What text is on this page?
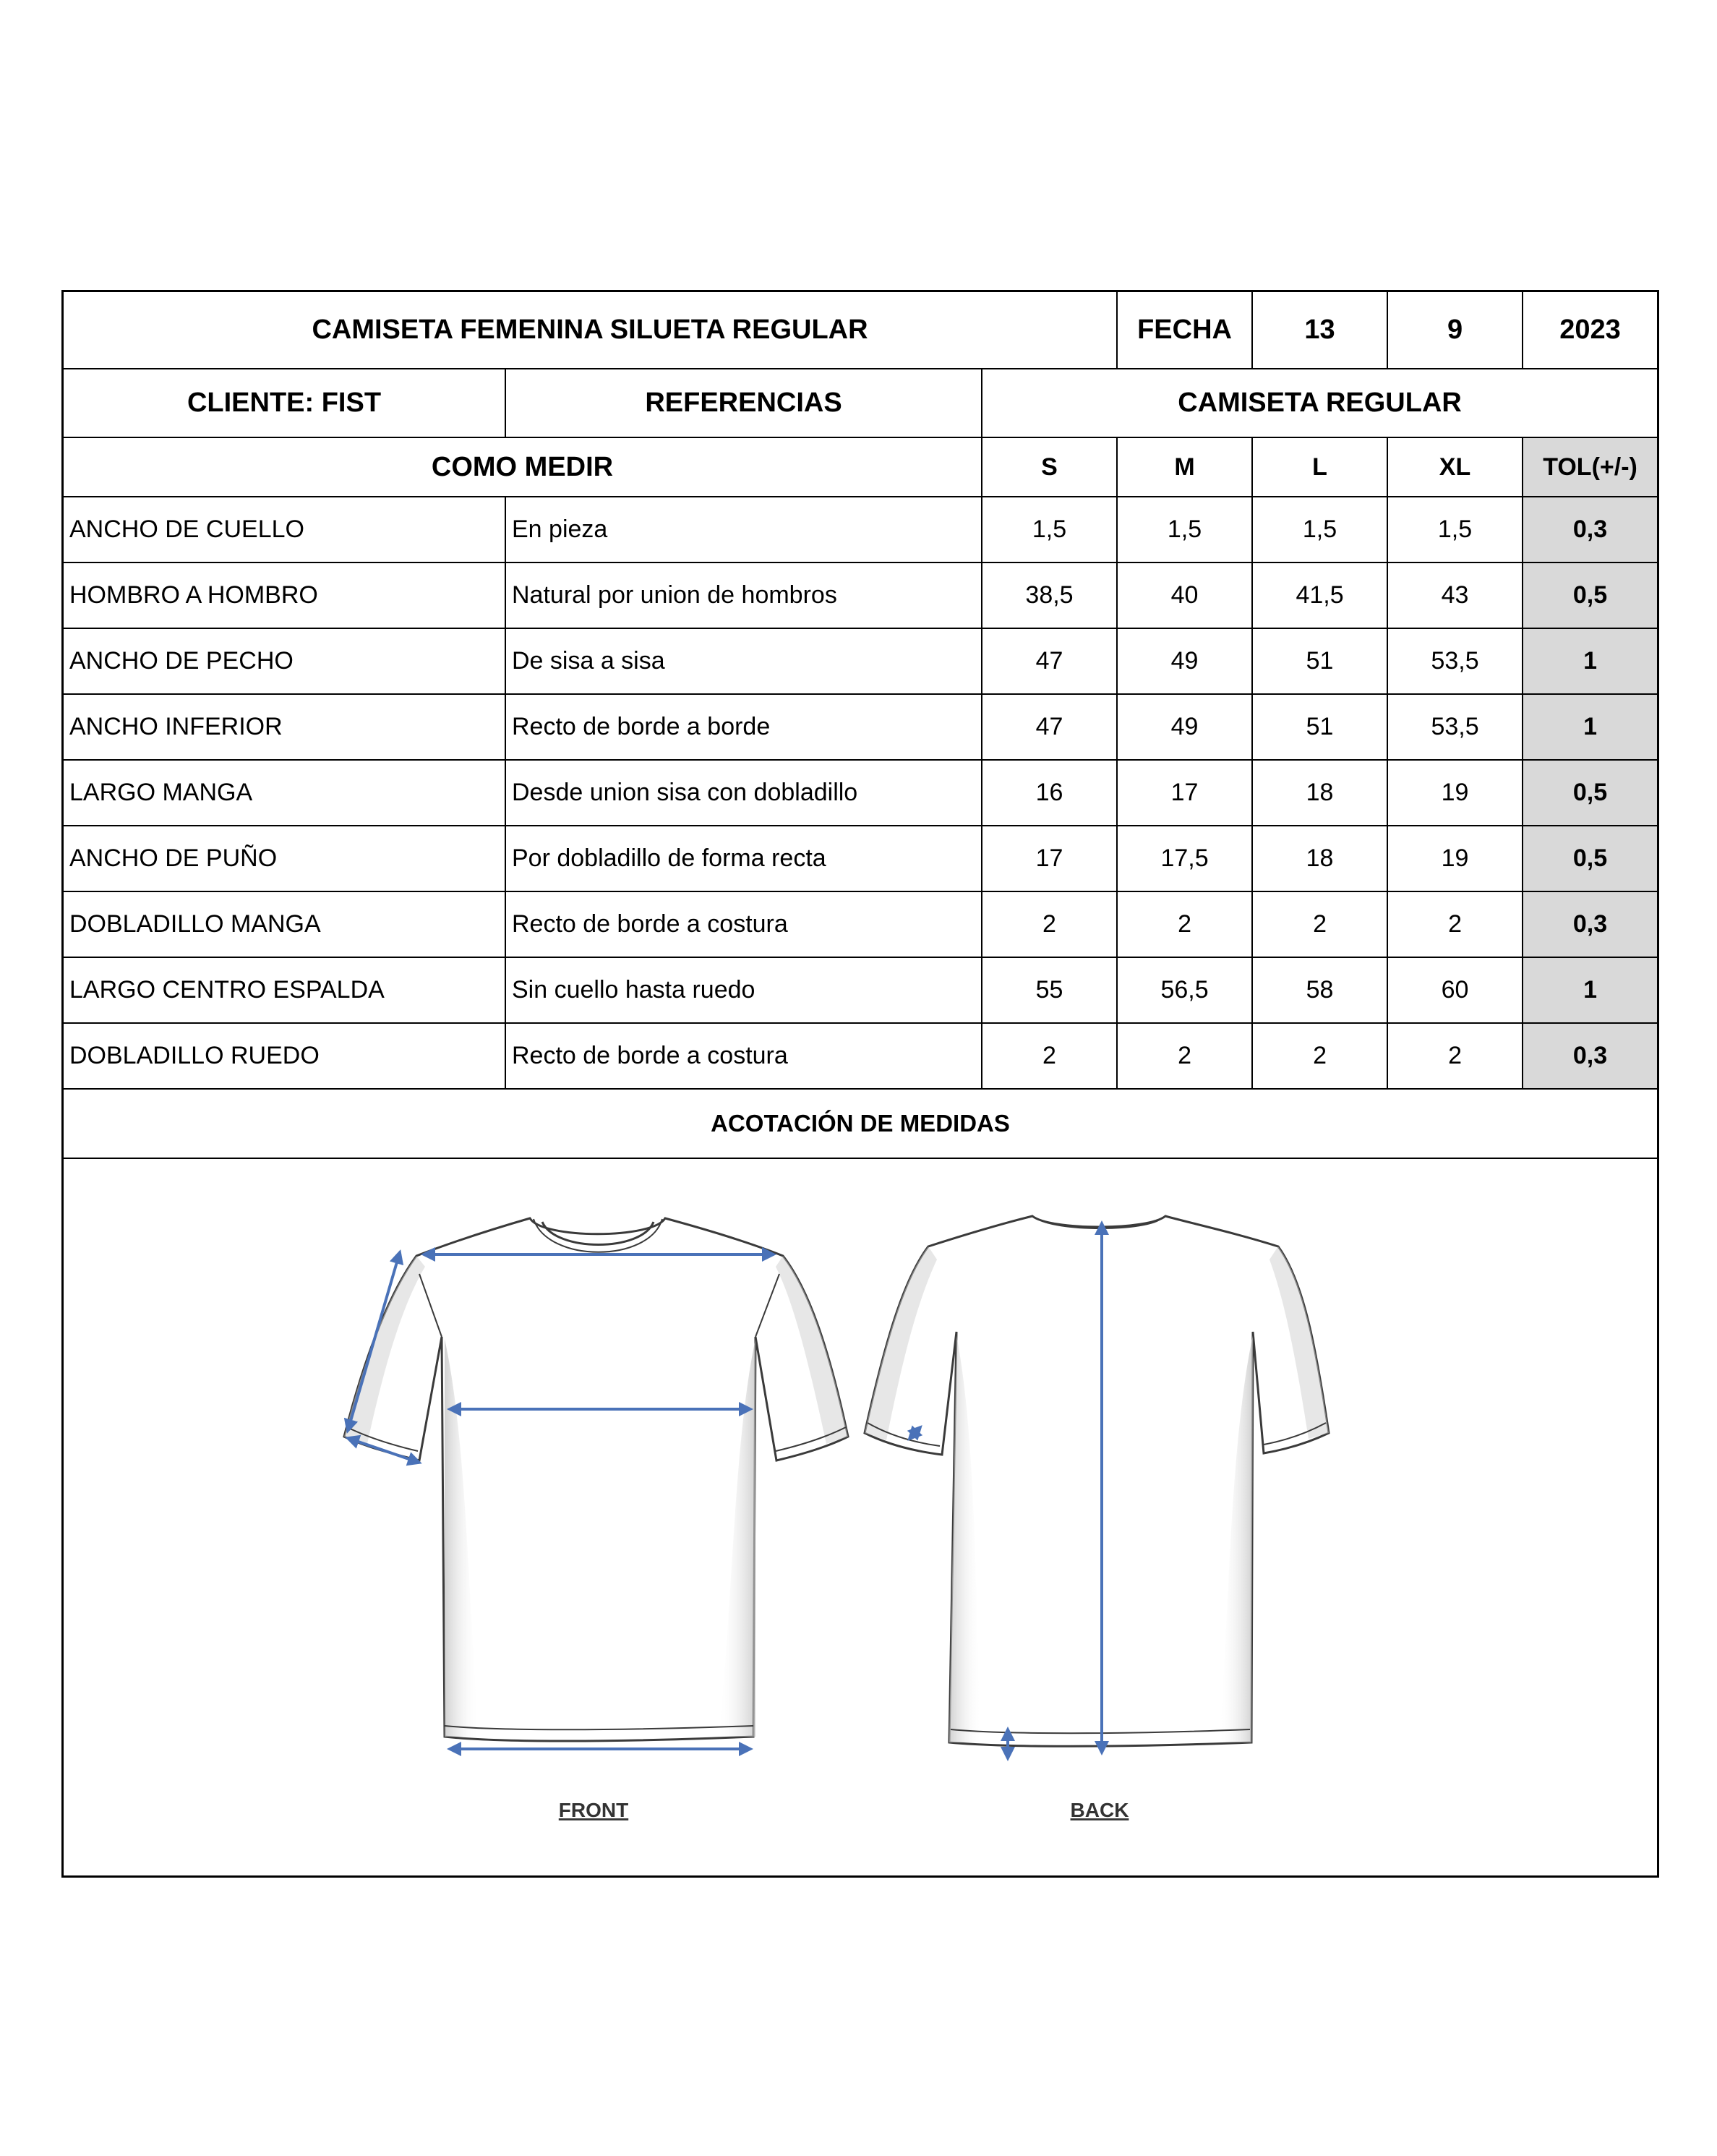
CAMISETA FEMENINA SILUETA REGULAR			FECHA	13	9	2023
CLIENTE: FIST	REFERENCIAS	CAMISETA REGULAR				
COMO MEDIR		S	M	L	XL	TOL(+/-)
ANCHO DE CUELLO	En pieza	1,5	1,5	1,5	1,5	0,3
HOMBRO A HOMBRO	Natural por union de hombros	38,5	40	41,5	43	0,5
ANCHO DE PECHO	De sisa a sisa	47	49	51	53,5	1
ANCHO INFERIOR	Recto de borde a borde	47	49	51	53,5	1
LARGO MANGA	Desde union sisa con dobladillo	16	17	18	19	0,5
ANCHO DE PUÑO	Por dobladillo de forma recta	17	17,5	18	19	0,5
DOBLADILLO MANGA	Recto de borde a costura	2	2	2	2	0,3
LARGO CENTRO ESPALDA	Sin cuello hasta ruedo	55	56,5	58	60	1
DOBLADILLO RUEDO	Recto de borde a costura	2	2	2	2	0,3
ACOTACIÓN DE MEDIDAS						
FRONT	BACK
